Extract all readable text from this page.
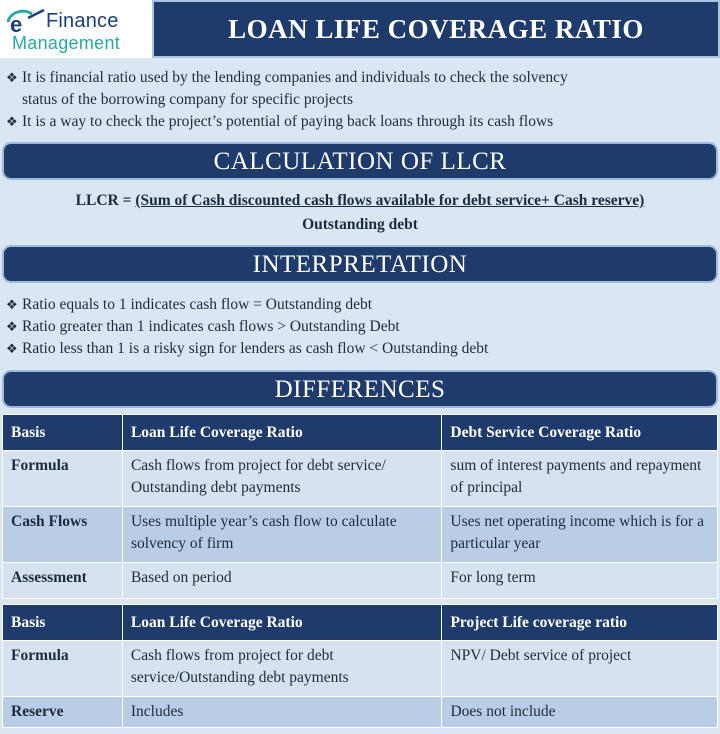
e Finance
Management	LOAN LIFE COVERAGE RATIO
❖ It is financial ratio used by the lending companies and individuals to check the solvency
status of the borrowing company for specific projects
❖ It is a way to check the project’s potential of paying back loans through its cash flows
CALCULATION OF LLCR
LLCR = (Sum of Cash discounted cash flows available for debt service+ Cash reserve)
Outstanding debt
INTERPRETATION
❖ Ratio equals to 1 indicates cash flow = Outstanding debt
❖ Ratio greater than 1 indicates cash flows > Outstanding Debt
❖ Ratio less than 1 is a risky sign for lenders as cash flow < Outstanding debt
DIFFERENCES
Basis	Loan Life Coverage Ratio	Debt Service Coverage Ratio
Formula	Cash flows from project for debt service/ Outstanding debt payments	sum of interest payments and repayment of principal
Cash Flows	Uses multiple year’s cash flow to calculate solvency of firm	Uses net operating income which is for a particular year
Assessment	Based on period	For long term
Basis	Loan Life Coverage Ratio	Project Life coverage ratio
Formula	Cash flows from project for debt service/Outstanding debt payments	NPV/ Debt service of project
Reserve	Includes	Does not include
